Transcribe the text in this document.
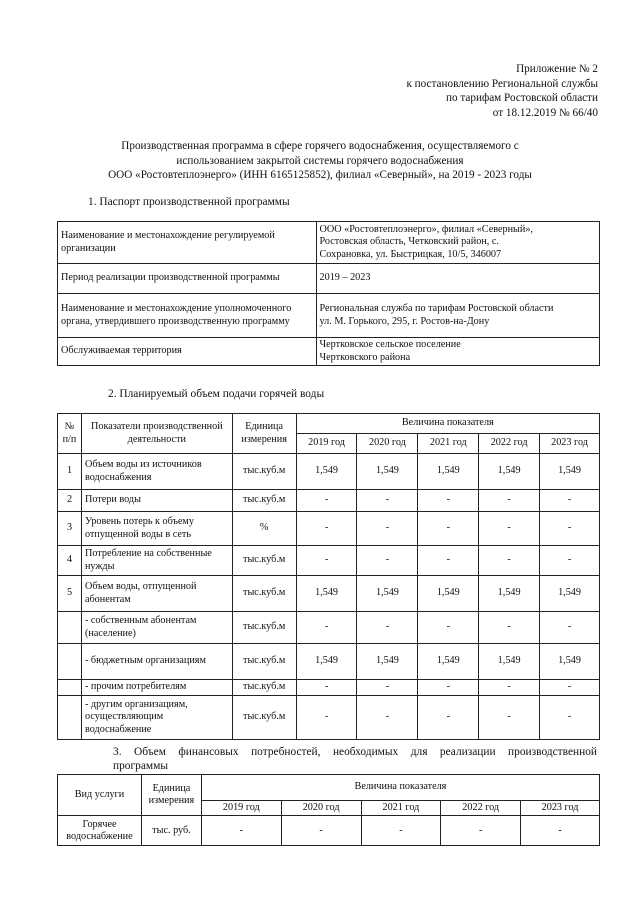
Приложение № 2
к постановлению Региональной службы
по тарифам Ростовской области
от 18.12.2019 № 66/40
Производственная программа в сфере горячего водоснабжения, осуществляемого с
использованием закрытой системы горячего водоснабжения
ООО «Ростовтеплоэнерго» (ИНН 6165125852), филиал «Северный», на 2019 - 2023 годы
1. Паспорт производственной программы
Наименование и местонахождение регулируемой организации	ООО «Ростовтеплоэнерго», филиал «Северный»,
Ростовская область, Четковский район, с.
Сохрановка, ул. Быстрицкая, 10/5, 346007

Период реализации производственной программы	2019 – 2023

Наименование и местонахождение уполномоченного органа, утвердившего производственную программу	Региональная служба по тарифам Ростовской области
ул. М. Горького, 295, г. Ростов-на-Дону

Обслуживаемая территория	Чертковское сельское поселение
Чертковского района
2. Планируемый объем подачи горячей воды
№ п/п	Показатели производственной деятельности	Единица измерения	Величина показателя				
			2019 год	2020 год	2021 год	2022 год	2023 год
1	Объем воды из источников водоснабжения	тыс.куб.м	1,549	1,549	1,549	1,549	1,549
2	Потери воды	тыс.куб.м	-	-	-	-	-
3	Уровень потерь к объему отпущенной воды в сеть	%	-	-	-	-	-
4	Потребление на собственные нужды	тыс.куб.м	-	-	-	-	-
5	Объем воды, отпущенной абонентам	тыс.куб.м	1,549	1,549	1,549	1,549	1,549
	- собственным абонентам (население)	тыс.куб.м	-	-	-	-	-
	- бюджетным организациям	тыс.куб.м	1,549	1,549	1,549	1,549	1,549
	- прочим потребителям	тыс.куб.м	-	-	-	-	-
	- другим организациям, осуществляющим водоснабжение	тыс.куб.м	-	-	-	-	-
3. Объем финансовых потребностей, необходимых для реализации производственной
программы
Вид услуги	Единица измерения	Величина показателя				
		2019 год	2020 год	2021 год	2022 год	2023 год
Горячее водоснабжение	тыс. руб.	-	-	-	-	-
